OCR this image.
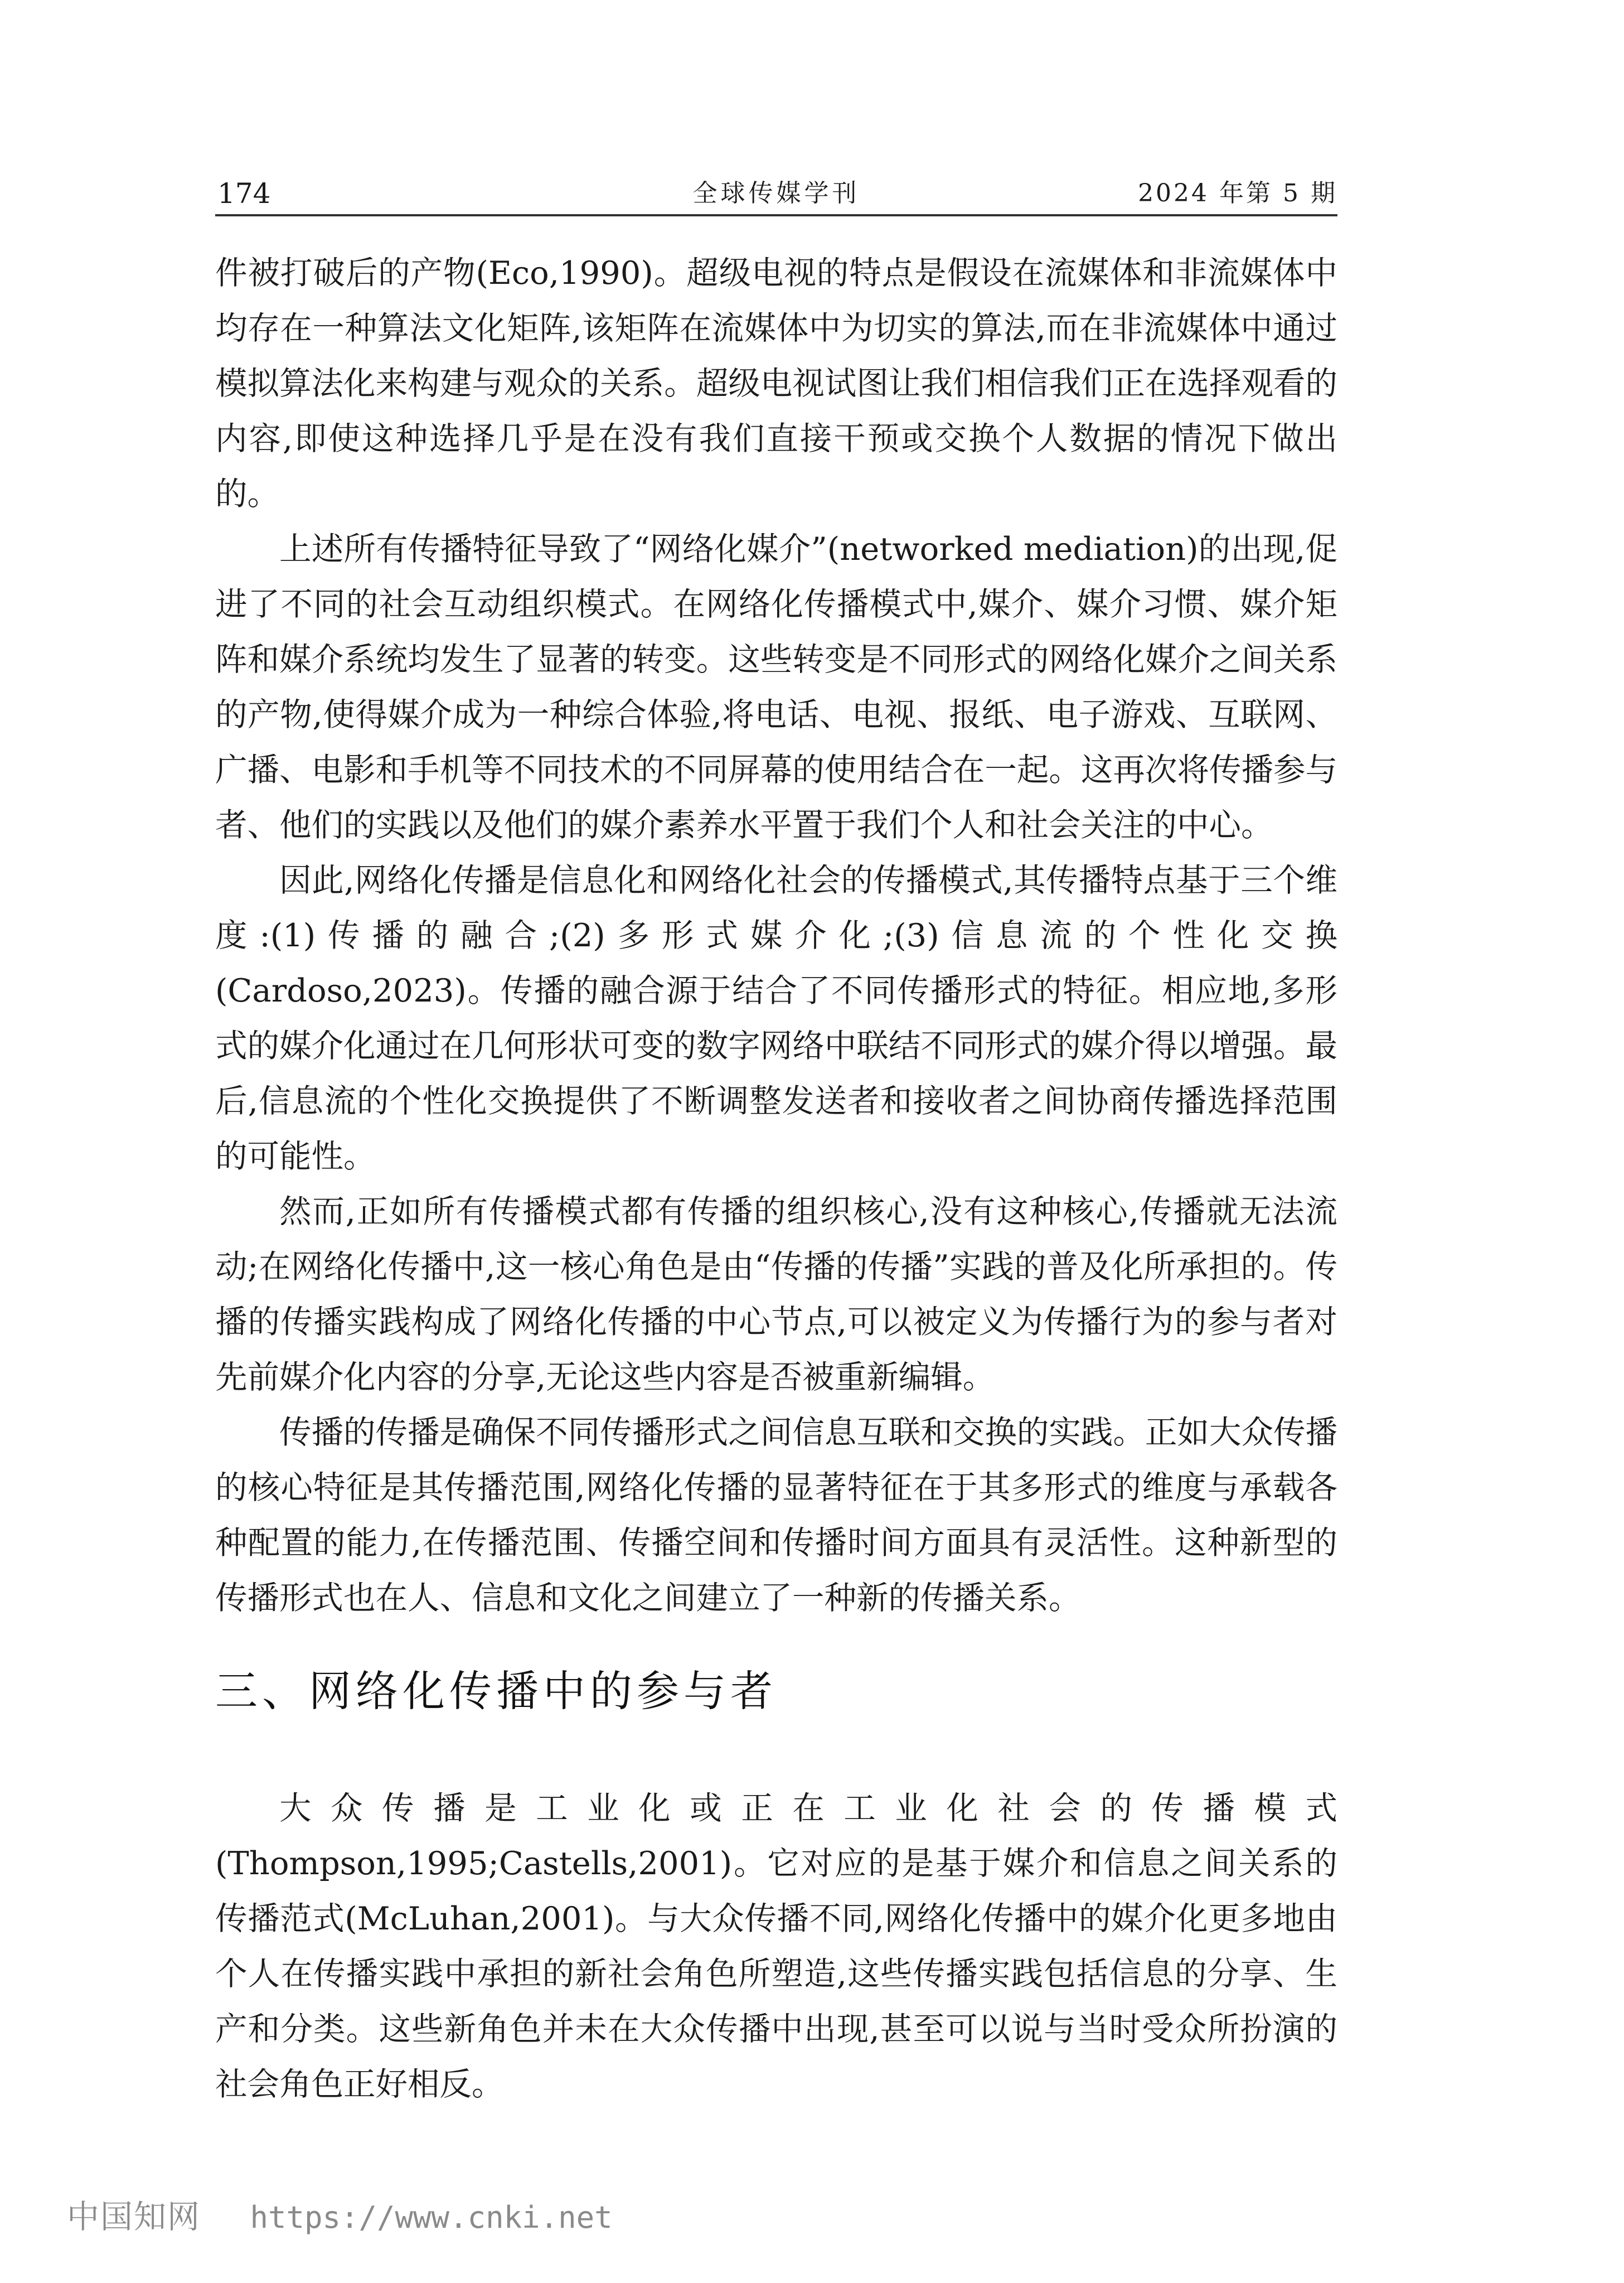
174	全球传媒学刊	2024 年第 5 期

件被打破后的产物(Eco,1990)。超级电视的特点是假设在流媒体和非流媒体中均存在一种算法文化矩阵,该矩阵在流媒体中为切实的算法,而在非流媒体中通过模拟算法化来构建与观众的关系。超级电视试图让我们相信我们正在选择观看的内容,即使这种选择几乎是在没有我们直接干预或交换个人数据的情况下做出的。

上述所有传播特征导致了“网络化媒介”(networked mediation)的出现,促进了不同的社会互动组织模式。在网络化传播模式中,媒介、媒介习惯、媒介矩阵和媒介系统均发生了显著的转变。这些转变是不同形式的网络化媒介之间关系的产物,使得媒介成为一种综合体验,将电话、电视、报纸、电子游戏、互联网、广播、电影和手机等不同技术的不同屏幕的使用结合在一起。这再次将传播参与者、他们的实践以及他们的媒介素养水平置于我们个人和社会关注的中心。

因此,网络化传播是信息化和网络化社会的传播模式,其传播特点基于三个维度:(1)传播的融合;(2)多形式媒介化;(3)信息流的个性化交换(Cardoso,2023)。传播的融合源于结合了不同传播形式的特征。相应地,多形式的媒介化通过在几何形状可变的数字网络中联结不同形式的媒介得以增强。最后,信息流的个性化交换提供了不断调整发送者和接收者之间协商传播选择范围的可能性。

然而,正如所有传播模式都有传播的组织核心,没有这种核心,传播就无法流动;在网络化传播中,这一核心角色是由“传播的传播”实践的普及化所承担的。传播的传播实践构成了网络化传播的中心节点,可以被定义为传播行为的参与者对先前媒介化内容的分享,无论这些内容是否被重新编辑。

传播的传播是确保不同传播形式之间信息互联和交换的实践。正如大众传播的核心特征是其传播范围,网络化传播的显著特征在于其多形式的维度与承载各种配置的能力,在传播范围、传播空间和传播时间方面具有灵活性。这种新型的传播形式也在人、信息和文化之间建立了一种新的传播关系。

三、网络化传播中的参与者

大众传播是工业化或正在工业化社会的传播模式(Thompson,1995;Castells,2001)。它对应的是基于媒介和信息之间关系的传播范式(McLuhan,2001)。与大众传播不同,网络化传播中的媒介化更多地由个人在传播实践中承担的新社会角色所塑造,这些传播实践包括信息的分享、生产和分类。这些新角色并未在大众传播中出现,甚至可以说与当时受众所扮演的社会角色正好相反。

中国知网 https://www.cnki.net
